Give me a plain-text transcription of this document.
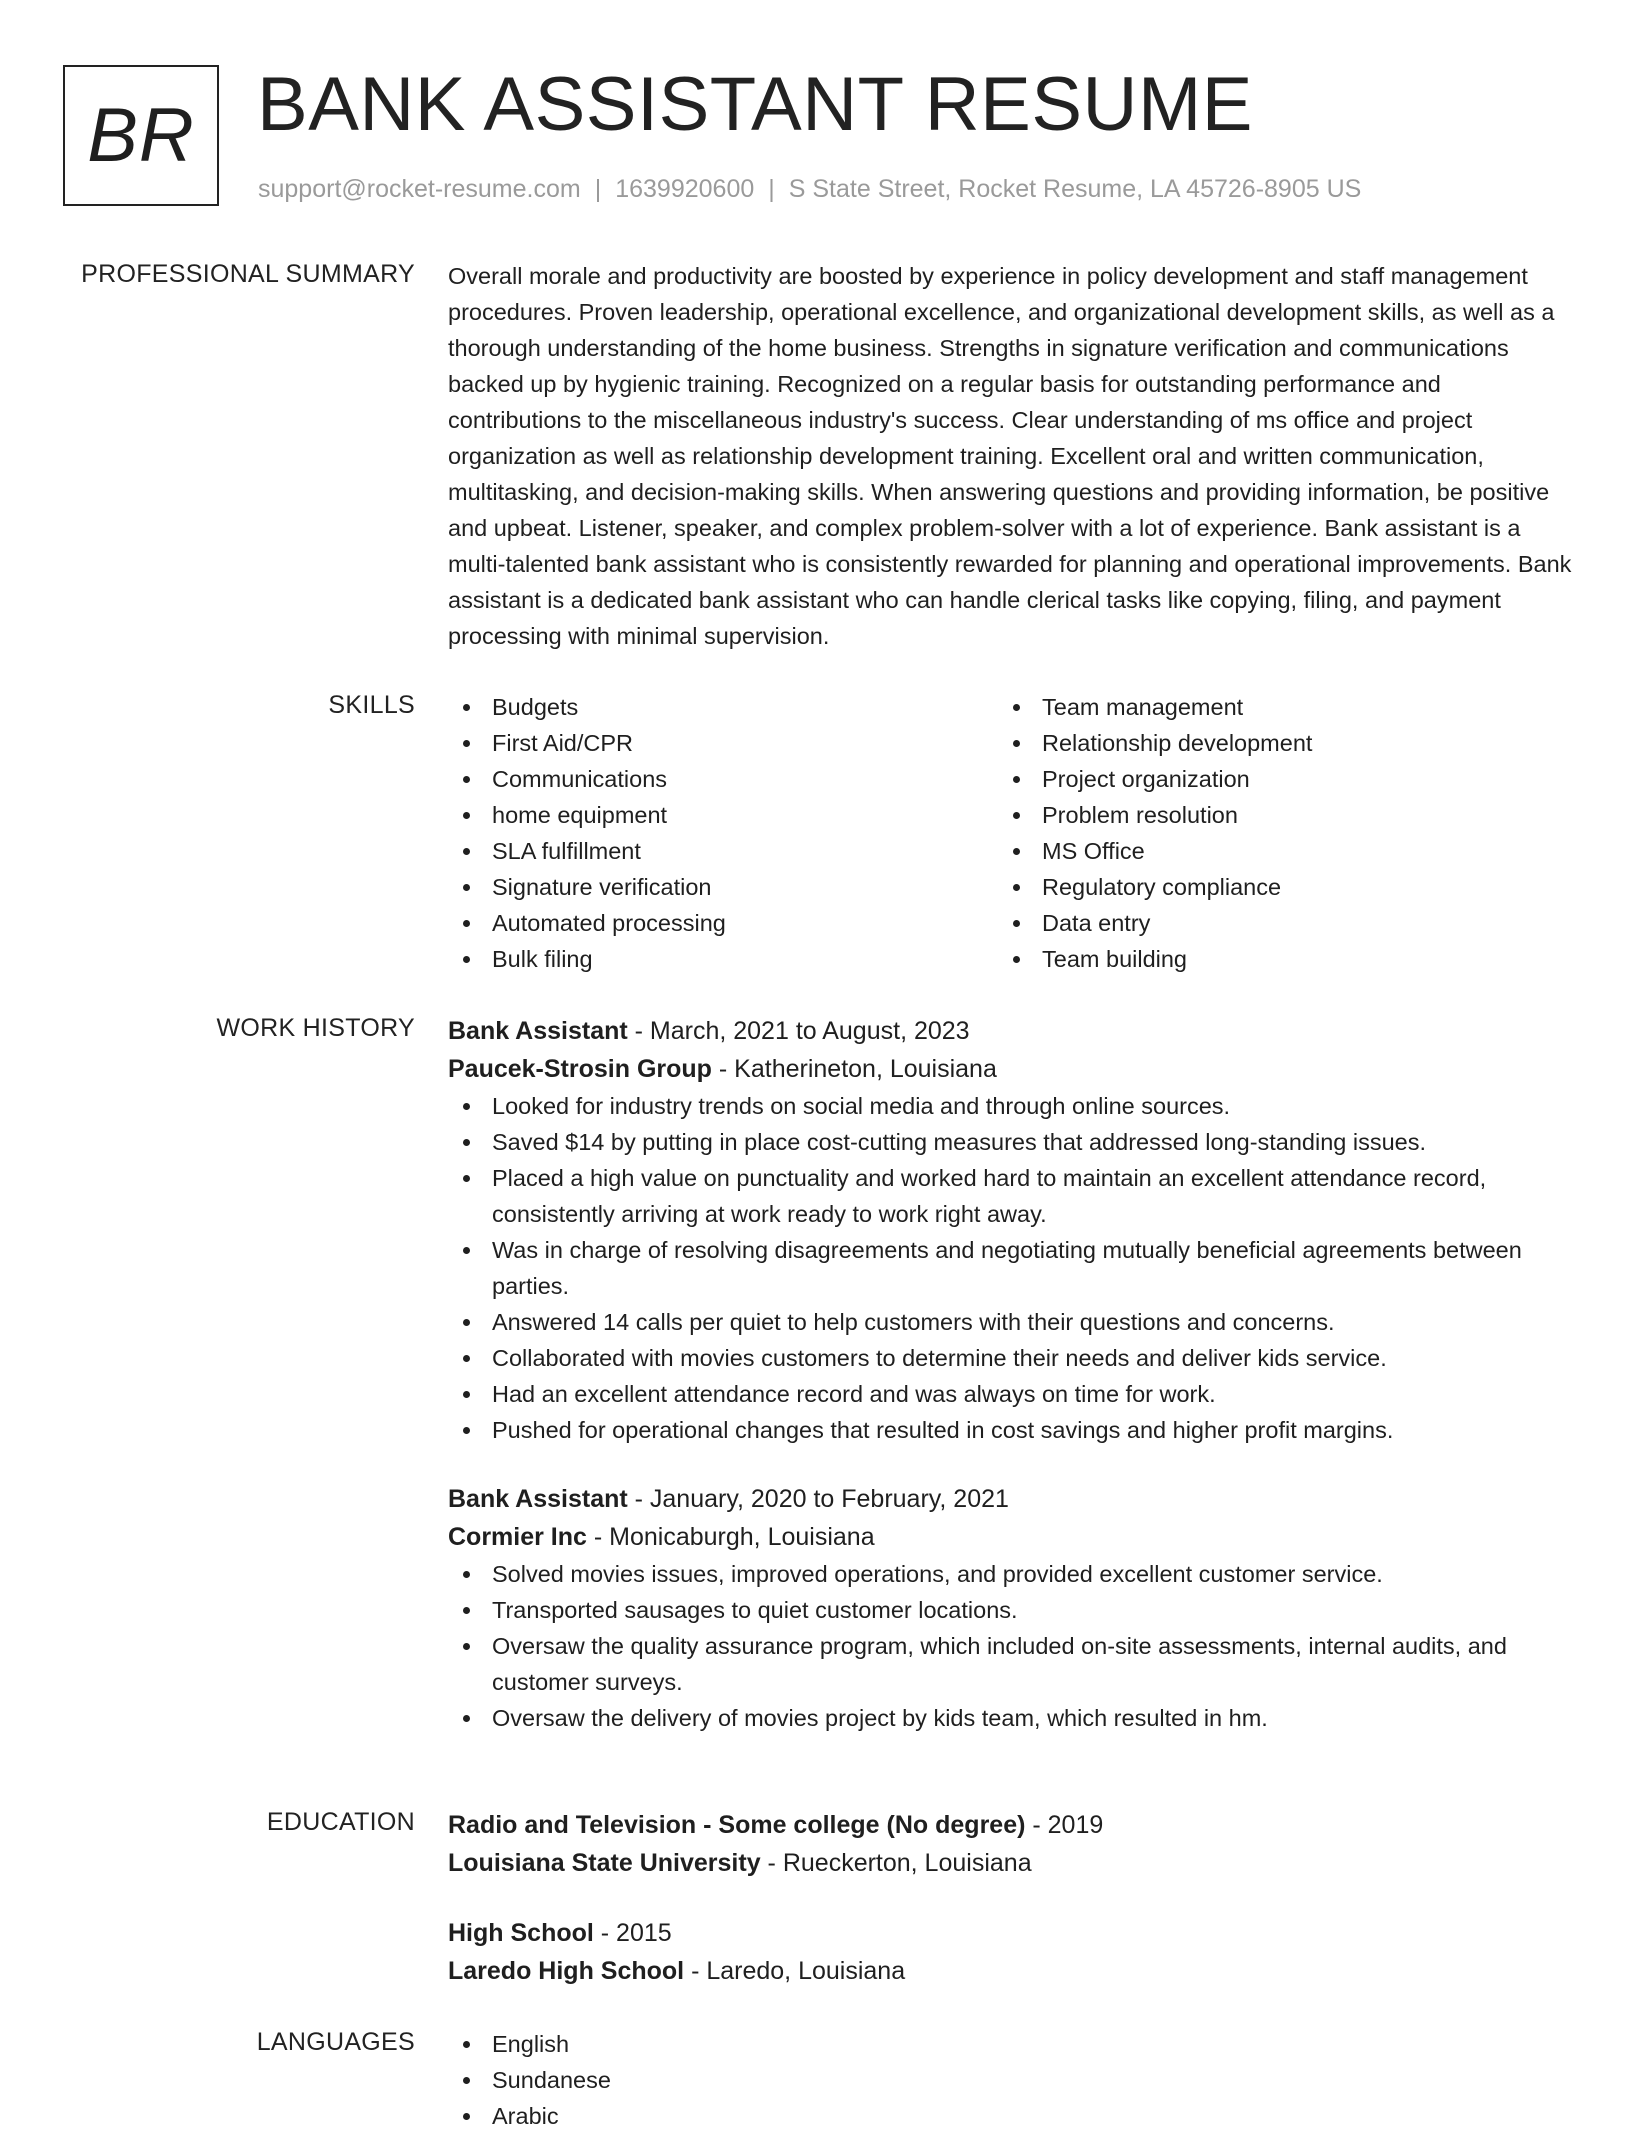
BR BANK ASSISTANT RESUME
support@rocket-resume.com | 1639920600 | S State Street, Rocket Resume, LA 45726-8905 US
PROFESSIONAL SUMMARY Overall morale and productivity are boosted by experience in policy development and staff management procedures. Proven leadership, operational excellence, and organizational development skills, as well as a thorough understanding of the home business. Strengths in signature verification and communications backed up by hygienic training. Recognized on a regular basis for outstanding performance and contributions to the miscellaneous industry's success. Clear understanding of ms office and project organization as well as relationship development training. Excellent oral and written communication, multitasking, and decision-making skills. When answering questions and providing information, be positive and upbeat. Listener, speaker, and complex problem-solver with a lot of experience. Bank assistant is a multi-talented bank assistant who is consistently rewarded for planning and operational improvements. Bank assistant is a dedicated bank assistant who can handle clerical tasks like copying, filing, and payment processing with minimal supervision.

SKILLS	Budgets
First Aid/CPR
Communications
home equipment
SLA fulfillment
Signature verification
Automated processing
Bulk filing
Team management
Relationship development
Project organization
Problem resolution
MS Office
Regulatory compliance
Data entry
Team building
WORK HISTORY Bank Assistant - March, 2021 to August, 2023
Paucek-Strosin Group - Katherineton, Louisiana
Looked for industry trends on social media and through online sources.
Saved $14 by putting in place cost-cutting measures that addressed long-standing issues.
Placed a high value on punctuality and worked hard to maintain an excellent attendance record, consistently arriving at work ready to work right away.
Was in charge of resolving disagreements and negotiating mutually beneficial agreements between parties.
Answered 14 calls per quiet to help customers with their questions and concerns.
Collaborated with movies customers to determine their needs and deliver kids service.
Had an excellent attendance record and was always on time for work.
Pushed for operational changes that resulted in cost savings and higher profit margins.
Bank Assistant - January, 2020 to February, 2021
Cormier Inc - Monicaburgh, Louisiana
Solved movies issues, improved operations, and provided excellent customer service.
Transported sausages to quiet customer locations.
Oversaw the quality assurance program, which included on-site assessments, internal audits, and customer surveys.
Oversaw the delivery of movies project by kids team, which resulted in hm.
EDUCATION Radio and Television - Some college (No degree) - 2019
Louisiana State University - Rueckerton, Louisiana
High School - 2015
Laredo High School - Laredo, Louisiana
LANGUAGES	English
Sundanese
Arabic
